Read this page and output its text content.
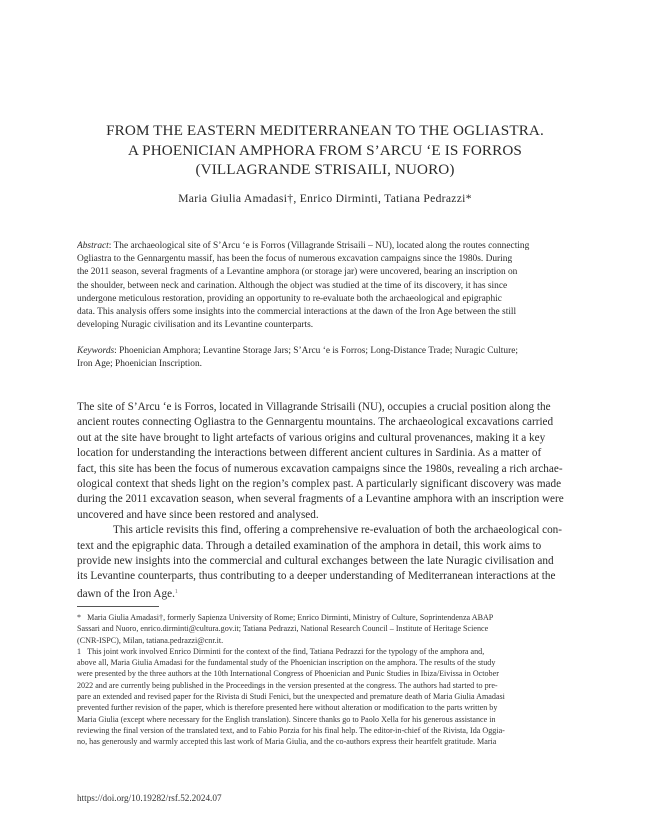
FROM THE EASTERN MEDITERRANEAN TO THE OGLIASTRA.
A PHOENICIAN AMPHORA FROM S’ARCU ‘E IS FORROS
(VILLAGRANDE STRISAILI, NUORO)
Maria Giulia Amadasi†, Enrico Dirminti, Tatiana Pedrazzi*
Abstract: The archaeological site of S’Arcu ‘e is Forros (Villagrande Strisaili – NU), located along the routes connecting
Ogliastra to the Gennargentu massif, has been the focus of numerous excavation campaigns since the 1980s. During
the 2011 season, several fragments of a Levantine amphora (or storage jar) were uncovered, bearing an inscription on
the shoulder, between neck and carination. Although the object was studied at the time of its discovery, it has since
undergone meticulous restoration, providing an opportunity to re-evaluate both the archaeological and epigraphic
data. This analysis offers some insights into the commercial interactions at the dawn of the Iron Age between the still
developing Nuragic civilisation and its Levantine counterparts.
Keywords: Phoenician Amphora; Levantine Storage Jars; S’Arcu ‘e is Forros; Long-Distance Trade; Nuragic Culture;
Iron Age; Phoenician Inscription.
The site of S’Arcu ‘e is Forros, located in Villagrande Strisaili (NU), occupies a crucial position along the
ancient routes connecting Ogliastra to the Gennargentu mountains. The archaeological excavations carried
out at the site have brought to light artefacts of various origins and cultural provenances, making it a key
location for understanding the interactions between different ancient cultures in Sardinia. As a matter of
fact, this site has been the focus of numerous excavation campaigns since the 1980s, revealing a rich archae-
ological context that sheds light on the region’s complex past. A particularly significant discovery was made
during the 2011 excavation season, when several fragments of a Levantine amphora with an inscription were
uncovered and have since been restored and analysed.
This article revisits this find, offering a comprehensive re-evaluation of both the archaeological con-
text and the epigraphic data. Through a detailed examination of the amphora in detail, this work aims to
provide new insights into the commercial and cultural exchanges between the late Nuragic civilisation and
its Levantine counterparts, thus contributing to a deeper understanding of Mediterranean interactions at the
dawn of the Iron Age.$^1$
* Maria Giulia Amadasi†, formerly Sapienza University of Rome; Enrico Dirminti, Ministry of Culture, Soprintendenza ABAP
Sassari and Nuoro, enrico.dirminti@cultura.gov.it; Tatiana Pedrazzi, National Research Council – Institute of Heritage Science
(CNR-ISPC), Milan, tatiana.pedrazzi@cnr.it.
1 This joint work involved Enrico Dirminti for the context of the find, Tatiana Pedrazzi for the typology of the amphora and,
above all, Maria Giulia Amadasi for the fundamental study of the Phoenician inscription on the amphora. The results of the study
were presented by the three authors at the 10th International Congress of Phoenician and Punic Studies in Ibiza/Eivissa in October
2022 and are currently being published in the Proceedings in the version presented at the congress. The authors had started to pre-
pare an extended and revised paper for the Rivista di Studi Fenici, but the unexpected and premature death of Maria Giulia Amadasi
prevented further revision of the paper, which is therefore presented here without alteration or modification to the parts written by
Maria Giulia (except where necessary for the English translation). Sincere thanks go to Paolo Xella for his generous assistance in
reviewing the final version of the translated text, and to Fabio Porzia for his final help. The editor-in-chief of the Rivista, Ida Oggia-
no, has generously and warmly accepted this last work of Maria Giulia, and the co-authors express their heartfelt gratitude. Maria
https://doi.org/10.19282/rsf.52.2024.07
